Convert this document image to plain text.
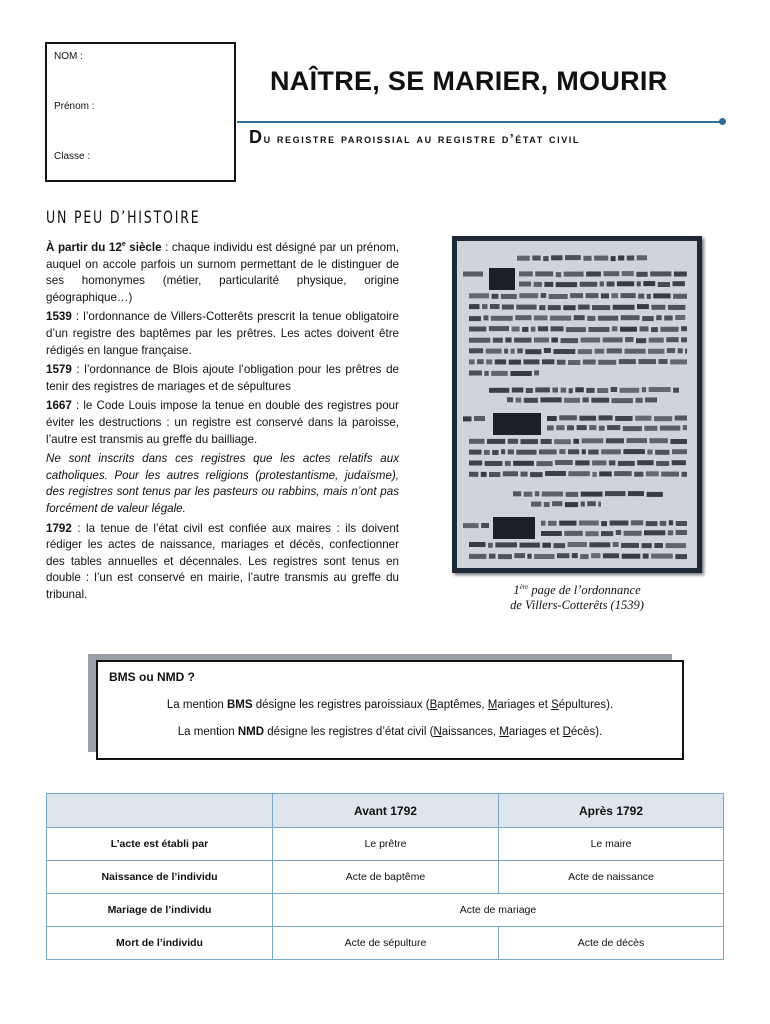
NOM :
Prénom :
Classe :
NAÎTRE, SE MARIER, MOURIR
Du registre paroissial au registre d’état civil
UN PEU D’HISTOIRE

À partir du 12e siècle : chaque individu est désigné par un prénom, auquel on accole parfois un surnom permettant de le distinguer de ses homonymes (métier, particularité physique, origine géographique…)

1539 : l’ordonnance de Villers-Cotterêts prescrit la tenue obligatoire d’un registre des baptêmes par les prêtres. Les actes doivent être rédigés en langue française.

1579 : l’ordonnance de Blois ajoute l’obligation pour les prêtres de tenir des registres de mariages et de sépultures

1667 : le Code Louis impose la tenue en double des registres pour éviter les destructions : un registre est conservé dans la paroisse, l’autre est transmis au greffe du bailliage.

Ne sont inscrits dans ces registres que les actes relatifs aux catholiques. Pour les autres religions (protestantisme, judaïsme), des registres sont tenus par les pasteurs ou rabbins, mais n’ont pas forcément de valeur légale.

1792 : la tenue de l’état civil est confiée aux maires : ils doivent rédiger les actes de naissance, mariages et décès, confectionner des tables annuelles et décennales. Les registres sont tenus en double : l’un est conservé en mairie, l’autre transmis au greffe du tribunal.	1ère page de l’ordonnance
de Villers-Cotterêts (1539)
BMS ou NMD ?
La mention BMS désigne les registres paroissiaux (Baptêmes, Mariages et Sépultures).
La mention NMD désigne les registres d’état civil (Naissances, Mariages et Décès).
	Avant 1792	Après 1792
L’acte est établi par	Le prêtre	Le maire
Naissance de l’individu	Acte de baptême	Acte de naissance
Mariage de l’individu	Acte de mariage	
Mort de l’individu	Acte de sépulture	Acte de décès
